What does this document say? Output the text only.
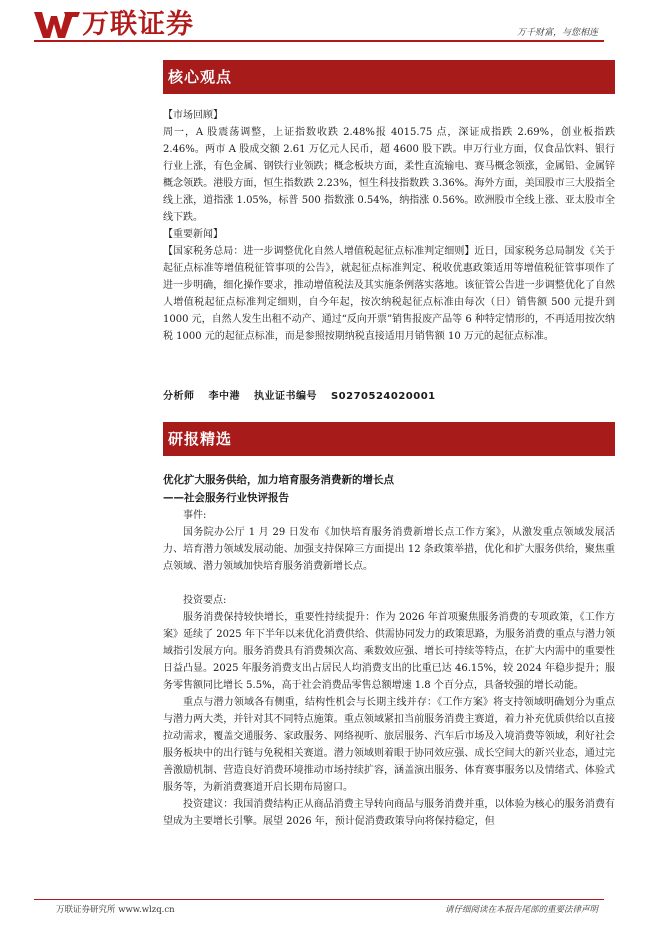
万联证券	万千财富，与您相连
核心观点

【市场回顾】

周一，A 股震荡调整，上证指数收跌 2.48%报 4015.75 点，深证成指跌 2.69%，创业板指跌 2.46%。两市 A 股成交额 2.61 万亿元人民币，超 4600 股下跌。申万行业方面，仅食品饮料、银行行业上涨，有色金属、钢铁行业领跌；概念板块方面，柔性直流输电、赛马概念领涨，金属铅、金属锌概念领跌。港股方面，恒生指数跌 2.23%，恒生科技指数跌 3.36%。海外方面，美国股市三大股指全线上涨，道指涨 1.05%，标普 500 指数涨 0.54%，纳指涨 0.56%。欧洲股市全线上涨、亚太股市全线下跌。

【重要新闻】

【国家税务总局：进一步调整优化自然人增值税起征点标准判定细则】近日，国家税务总局制发《关于起征点标准等增值税征管事项的公告》，就起征点标准判定、税收优惠政策适用等增值税征管事项作了进一步明确，细化操作要求，推动增值税法及其实施条例落实落地。该征管公告进一步调整优化了自然人增值税起征点标准判定细则，自今年起，按次纳税起征点标准由每次（日）销售额 500 元提升到 1000 元，自然人发生出租不动产、通过“反向开票”销售报废产品等 6 种特定情形的，不再适用按次纳税 1000 元的起征点标准，而是参照按期纳税直接适用月销售额 10 万元的起征点标准。

分析师 李中港 执业证书编号 S0270524020001
研报精选

优化扩大服务供给，加力培育服务消费新的增长点

——社会服务行业快评报告

事件:

国务院办公厅 1 月 29 日发布《加快培育服务消费新增长点工作方案》，从激发重点领域发展活力、培育潜力领域发展动能、加强支持保障三方面提出 12 条政策举措，优化和扩大服务供给，聚焦重点领域、潜力领域加快培育服务消费新增长点。

投资要点:

服务消费保持较快增长，重要性持续提升：作为 2026 年首项聚焦服务消费的专项政策，《工作方案》延续了 2025 年下半年以来优化消费供给、供需协同发力的政策思路，为服务消费的重点与潜力领域指引发展方向。服务消费具有消费频次高、乘数效应强、增长可持续等特点，在扩大内需中的重要性日益凸显。2025 年服务消费支出占居民人均消费支出的比重已达 46.15%，较 2024 年稳步提升；服务零售额同比增长 5.5%，高于社会消费品零售总额增速 1.8 个百分点，具备较强的增长动能。

重点与潜力领域各有侧重，结构性机会与长期主线并存：《工作方案》将支持领域明确划分为重点与潜力两大类，并针对其不同特点施策。重点领域紧扣当前服务消费主赛道，着力补充优质供给以直接拉动需求，覆盖交通服务、家政服务、网络视听、旅居服务、汽车后市场及入境消费等领域，利好社会服务板块中的出行链与免税相关赛道。潜力领域则着眼于协同效应强、成长空间大的新兴业态，通过完善激励机制、营造良好消费环境推动市场持续扩容，涵盖演出服务、体育赛事服务以及情绪式、体验式服务等，为新消费赛道开启长期布局窗口。

投资建议：我国消费结构正从商品消费主导转向商品与服务消费并重，以体验为核心的服务消费有望成为主要增长引擎。展望 2026 年，预计促消费政策导向将保持稳定，但

万联证券研究所 www.wlzq.cn	请仔细阅读在本报告尾部的重要法律声明
